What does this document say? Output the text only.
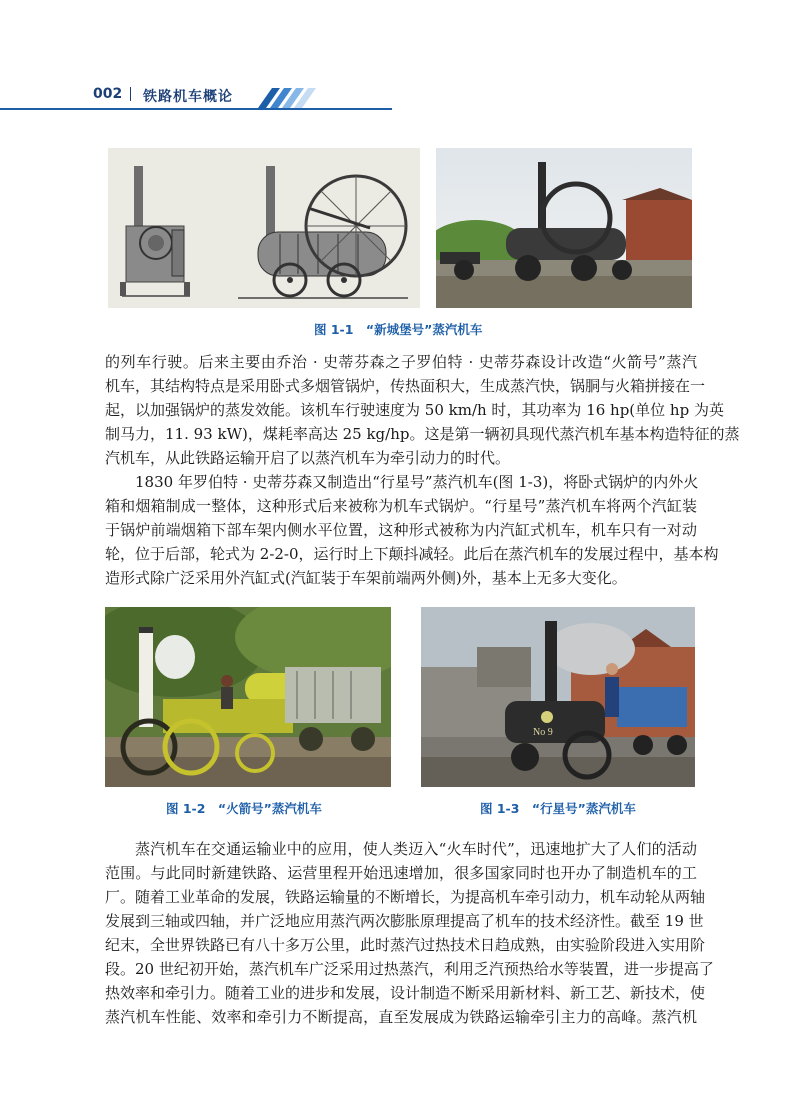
002 铁路机车概论
图 1-1　“新城堡号”蒸汽机车
的列车行驶。后来主要由乔治 · 史蒂芬森之子罗伯特 · 史蒂芬森设计改造“火箭号”蒸汽
机车，其结构特点是采用卧式多烟管锅炉，传热面积大，生成蒸汽快，锅胴与火箱拼接在一
起，以加强锅炉的蒸发效能。该机车行驶速度为 50 km/h 时，其功率为 16 hp(单位 hp 为英
制马力，11. 93 kW)，煤耗率高达 25 kg/hp。这是第一辆初具现代蒸汽机车基本构造特征的蒸
汽机车，从此铁路运输开启了以蒸汽机车为牵引动力的时代。
1830 年罗伯特 · 史蒂芬森又制造出“行星号”蒸汽机车(图 1-3)，将卧式锅炉的内外火
箱和烟箱制成一整体，这种形式后来被称为机车式锅炉。“行星号”蒸汽机车将两个汽缸装
于锅炉前端烟箱下部车架内侧水平位置，这种形式被称为内汽缸式机车，机车只有一对动
轮，位于后部，轮式为 2-2-0，运行时上下颠抖减轻。此后在蒸汽机车的发展过程中，基本构
造形式除广泛采用外汽缸式(汽缸装于车架前端两外侧)外，基本上无多大变化。
No 9
图 1-2　“火箭号”蒸汽机车	图 1-3　“行星号”蒸汽机车
蒸汽机车在交通运输业中的应用，使人类迈入“火车时代”，迅速地扩大了人们的活动
范围。与此同时新建铁路、运营里程开始迅速增加，很多国家同时也开办了制造机车的工
厂。随着工业革命的发展，铁路运输量的不断增长，为提高机车牵引动力，机车动轮从两轴
发展到三轴或四轴，并广泛地应用蒸汽两次膨胀原理提高了机车的技术经济性。截至 19 世
纪末，全世界铁路已有八十多万公里，此时蒸汽过热技术日趋成熟，由实验阶段进入实用阶
段。20 世纪初开始，蒸汽机车广泛采用过热蒸汽，利用乏汽预热给水等装置，进一步提高了
热效率和牵引力。随着工业的进步和发展，设计制造不断采用新材料、新工艺、新技术，使
蒸汽机车性能、效率和牵引力不断提高，直至发展成为铁路运输牵引主力的高峰。蒸汽机
